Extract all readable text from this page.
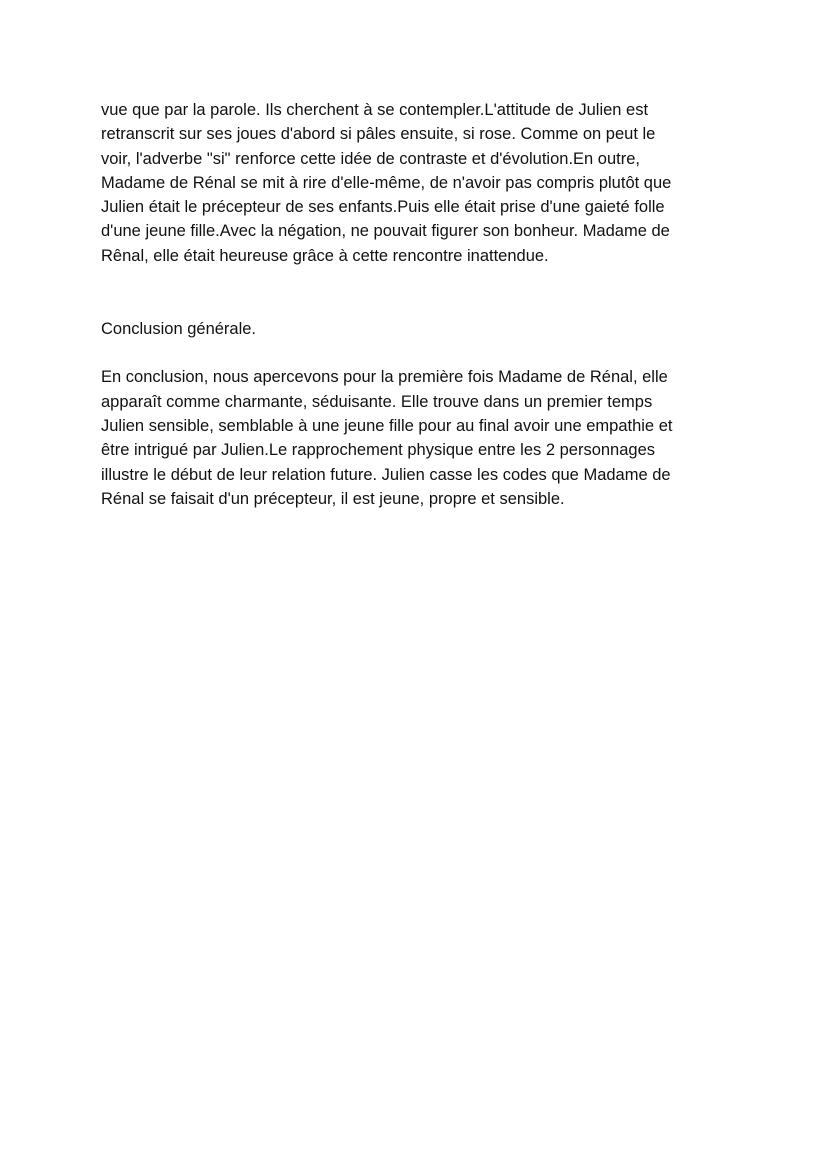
vue que par la parole. Ils cherchent à se contempler.L'attitude de Julien est
retranscrit sur ses joues d'abord si pâles ensuite, si rose. Comme on peut le
voir, l'adverbe "si" renforce cette idée de contraste et d'évolution.En outre,
Madame de Rénal se mit à rire d'elle-même, de n'avoir pas compris plutôt que
Julien était le précepteur de ses enfants.Puis elle était prise d'une gaieté folle
d'une jeune fille.Avec la négation, ne pouvait figurer son bonheur. Madame de
Rênal, elle était heureuse grâce à cette rencontre inattendue.

Conclusion générale.

En conclusion, nous apercevons pour la première fois Madame de Rénal, elle
apparaît comme charmante, séduisante. Elle trouve dans un premier temps
Julien sensible, semblable à une jeune fille pour au final avoir une empathie et
être intrigué par Julien.Le rapprochement physique entre les 2 personnages
illustre le début de leur relation future. Julien casse les codes que Madame de
Rénal se faisait d'un précepteur, il est jeune, propre et sensible.
